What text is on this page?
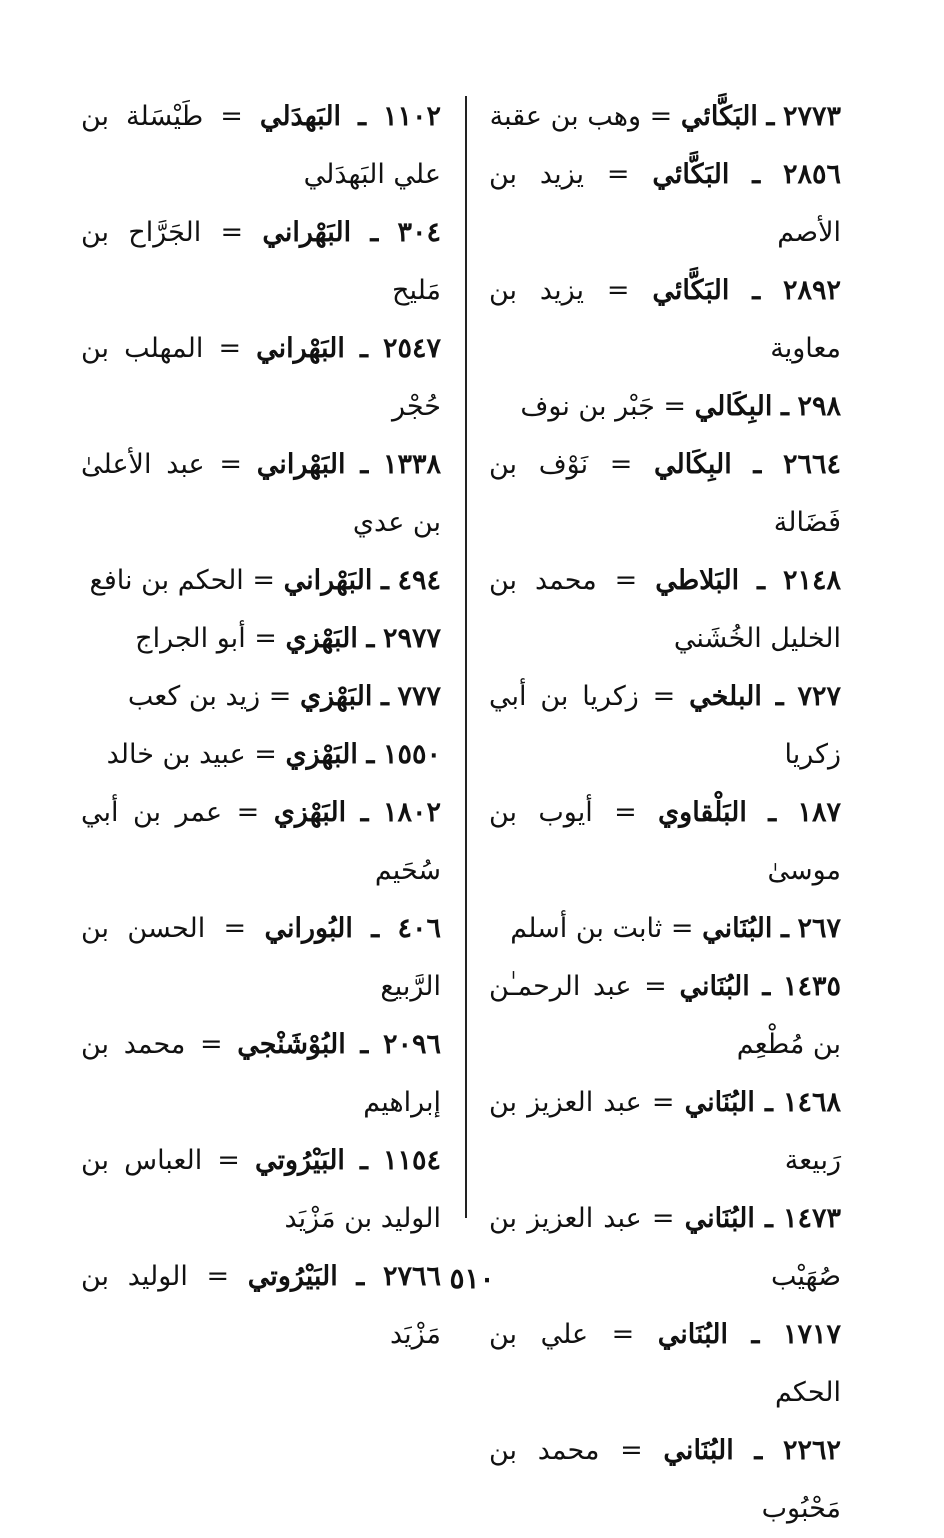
٢٧٧٣ ـ البَكَّائي = وهب بن عقبة

٢٨٥٦ ـ البَكَّائي = يزيد بن الأصم

٢٨٩٢ ـ البَكَّائي = يزيد بن معاوية

٢٩٨ ـ البِكَالي = جَبْر بن نوف

٢٦٦٤ ـ البِكَالي = نَوْف بن فَضَالة

٢١٤٨ ـ البَلاطي = محمد بن الخليل الخُشَني

٧٢٧ ـ البلخي = زكريا بن أبي زكريا

١٨٧ ـ البَلْقاوي = أيوب بن موسىٰ

٢٦٧ ـ البُنَاني = ثابت بن أسلم

١٤٣٥ ـ البُنَاني = عبد الرحمـٰن بن مُطْعِم

١٤٦٨ ـ البُنَاني = عبد العزيز بن رَبيعة

١٤٧٣ ـ البُنَاني = عبد العزيز بن صُهَيْب

١٧١٧ ـ البُنَاني = علي بن الحكم

٢٢٦٢ ـ البُنَاني = محمد بن مَحْبُوب

١١٠٢ ـ البَهدَلي = طَيْسَلة بن علي البَهدَلي

٣٠٤ ـ البَهْراني = الجَرَّاح بن مَليح

٢٥٤٧ ـ البَهْراني = المهلب بن حُجْر

١٣٣٨ ـ البَهْراني = عبد الأعلىٰ بن عدي

٤٩٤ ـ البَهْراني = الحكم بن نافع

٢٩٧٧ ـ البَهْزي = أبو الجراج

٧٧٧ ـ البَهْزي = زيد بن كعب

١٥٥٠ ـ البَهْزي = عبيد بن خالد

١٨٠٢ ـ البَهْزي = عمر بن أبي سُحَيم

٤٠٦ ـ البُوراني = الحسن بن الرَّبيع

٢٠٩٦ ـ البُوْشَنْجي = محمد بن إبراهيم

١١٥٤ ـ البَيْرُوتي = العباس بن الوليد بن مَزْيَد

٢٧٦٦ ـ البَيْرُوتي = الوليد بن مَزْيَد

٥١٠
